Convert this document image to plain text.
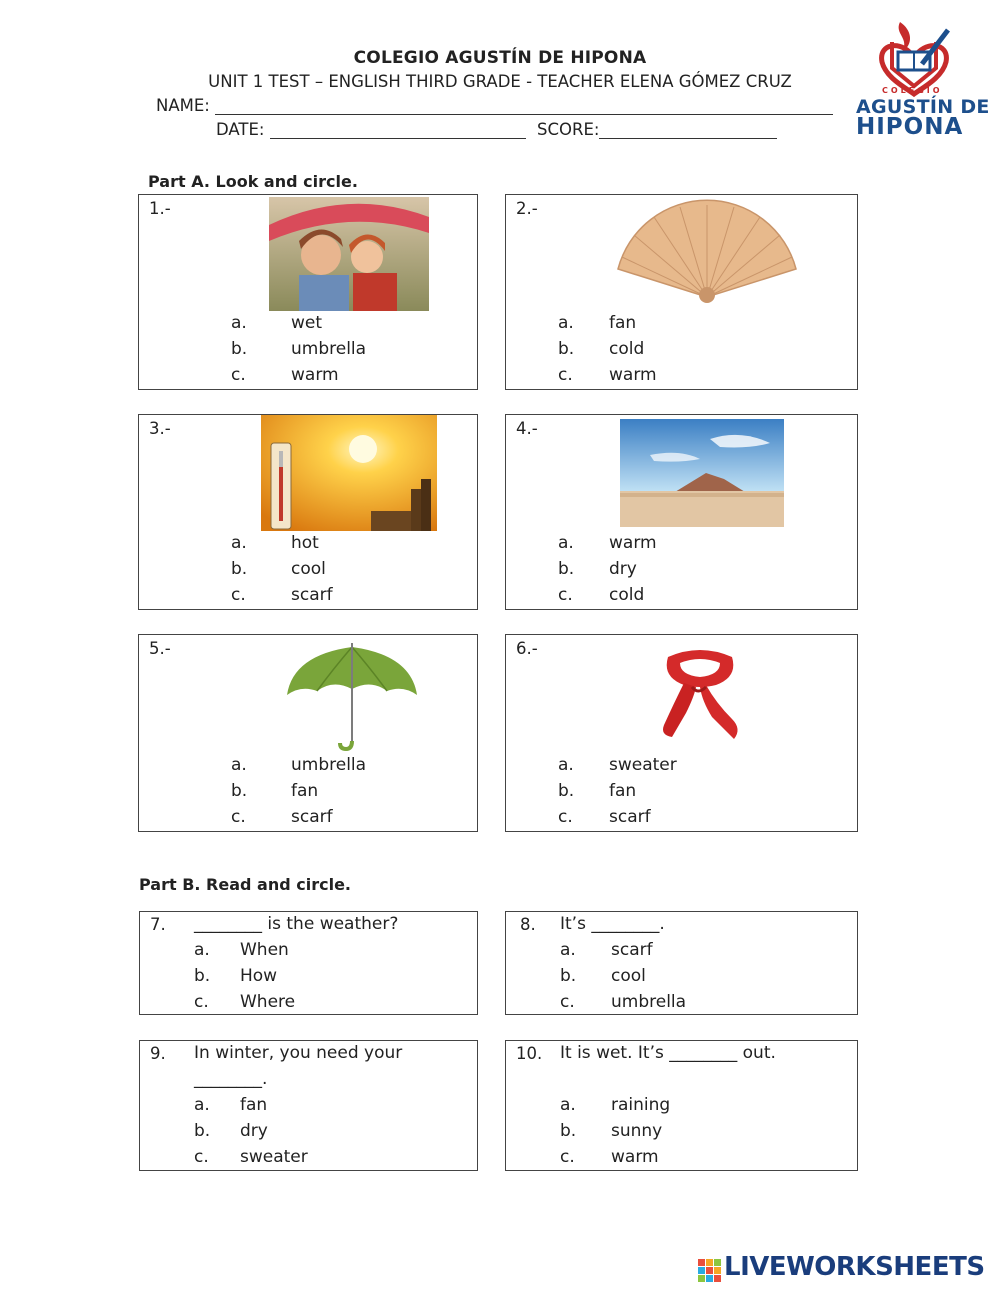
COLEGIO AGUSTÍN DE HIPONA
UNIT 1 TEST – ENGLISH THIRD GRADE - TEACHER ELENA GÓMEZ CRUZ
NAME:
DATE:	SCORE:
COLEGIO
AGUSTÍN DE
HIPONA
Part A. Look and circle.
1.-
a.	wet
b.	umbrella
c.	warm
2.-
a. fan
b. cold
c. warm
3.-
a.	hot
b.	cool
c.	scarf
4.-
a. warm
b. dry
c. cold
5.-
a.	umbrella
b.	fan
c.	scarf
6.-
a. sweater
b. fan
c. scarf
Part B. Read and circle.
7. ________ is the weather?
a. When
b. How
c. Where
8. It’s ________.
a. scarf
b. cool
c. umbrella
9. In winter, you need your
________.
a. fan
b. dry
c. sweater
10. It is wet. It’s ________ out.
a. raining
b. sunny
c. warm
LIVEWORKSHEETS
